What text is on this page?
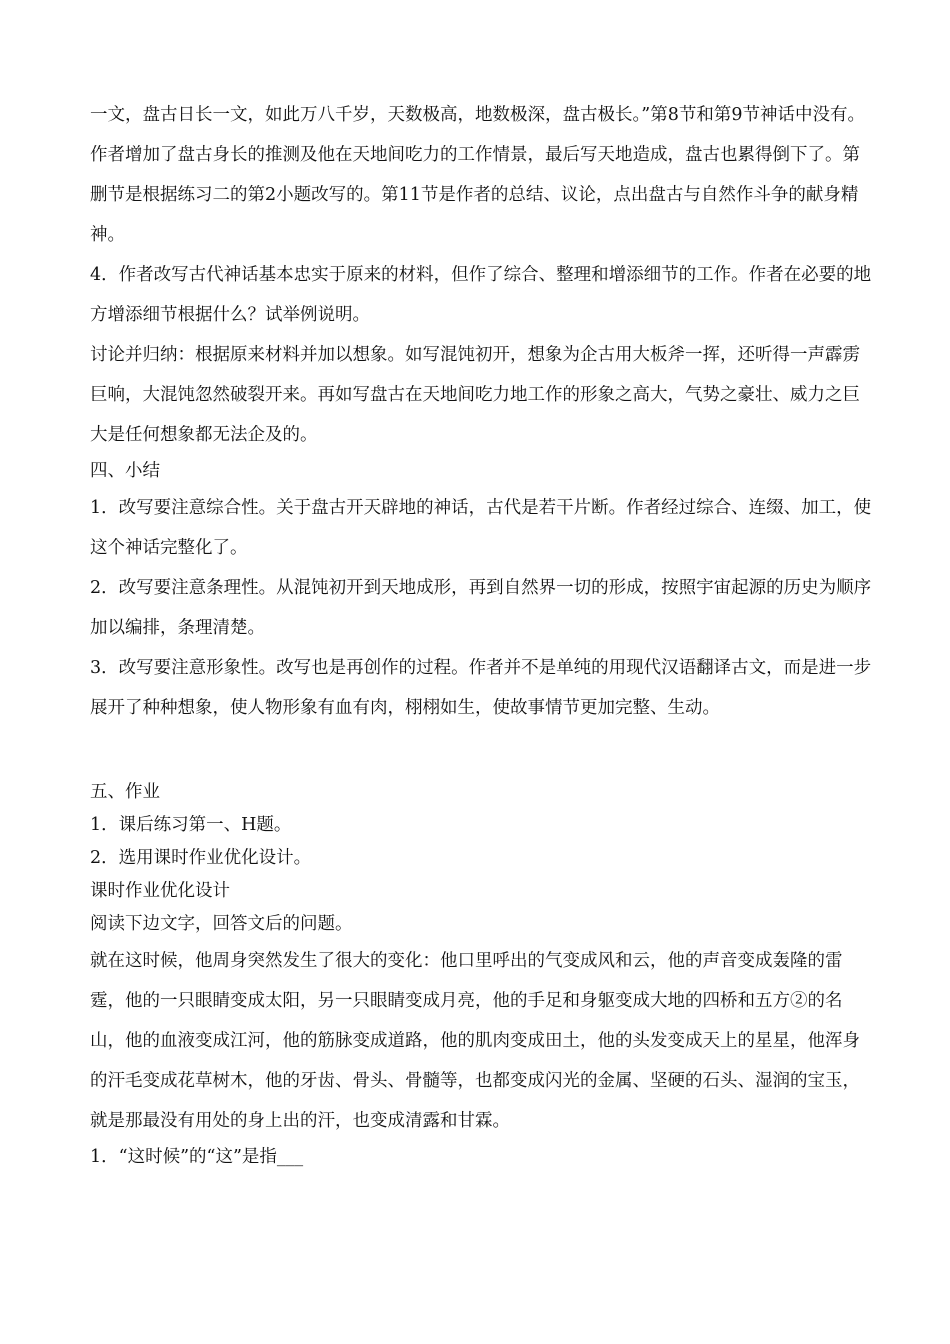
一文，盘古日长一文，如此万八千岁，天数极高，地数极深，盘古极长。”第8节和第9节神话中没有。作者增加了盘古身长的推测及他在天地间吃力的工作情景，最后写天地造成，盘古也累得倒下了。第删节是根据练习二的第2小题改写的。第11节是作者的总结、议论，点出盘古与自然作斗争的献身精神。

4．作者改写古代神话基本忠实于原来的材料，但作了综合、整理和增添细节的工作。作者在必要的地方增添细节根据什么？试举例说明。

讨论并归纳：根据原来材料并加以想象。如写混饨初开，想象为企古用大板斧一挥，还听得一声霹雳巨响，大混饨忽然破裂开来。再如写盘古在天地间吃力地工作的形象之高大，气势之豪壮、威力之巨大是任何想象都无法企及的。

四、小结

1．改写要注意综合性。关于盘古开天辟地的神话，古代是若干片断。作者经过综合、连缀、加工，使这个神话完整化了。

2．改写要注意条理性。从混饨初开到天地成形，再到自然界一切的形成，按照宇宙起源的历史为顺序加以编排，条理清楚。

3．改写要注意形象性。改写也是再创作的过程。作者并不是单纯的用现代汉语翻译古文，而是进一步展开了种种想象，使人物形象有血有肉，栩栩如生，使故事情节更加完整、生动。

五、作业

1．课后练习第一、H题。

2．选用课时作业优化设计。

课时作业优化设计

阅读下边文字，回答文后的问题。

就在这时候，他周身突然发生了很大的变化：他口里呼出的气变成风和云，他的声音变成轰隆的雷霆，他的一只眼睛变成太阳，另一只眼睛变成月亮，他的手足和身躯变成大地的四桥和五方②的名山，他的血液变成江河，他的筋脉变成道路，他的肌肉变成田土，他的头发变成天上的星星，他浑身的汗毛变成花草树木，他的牙齿、骨头、骨髓等，也都变成闪光的金属、坚硬的石头、湿润的宝玉，就是那最没有用处的身上出的汗，也变成清露和甘霖。

1．“这时候”的“这”是指___
